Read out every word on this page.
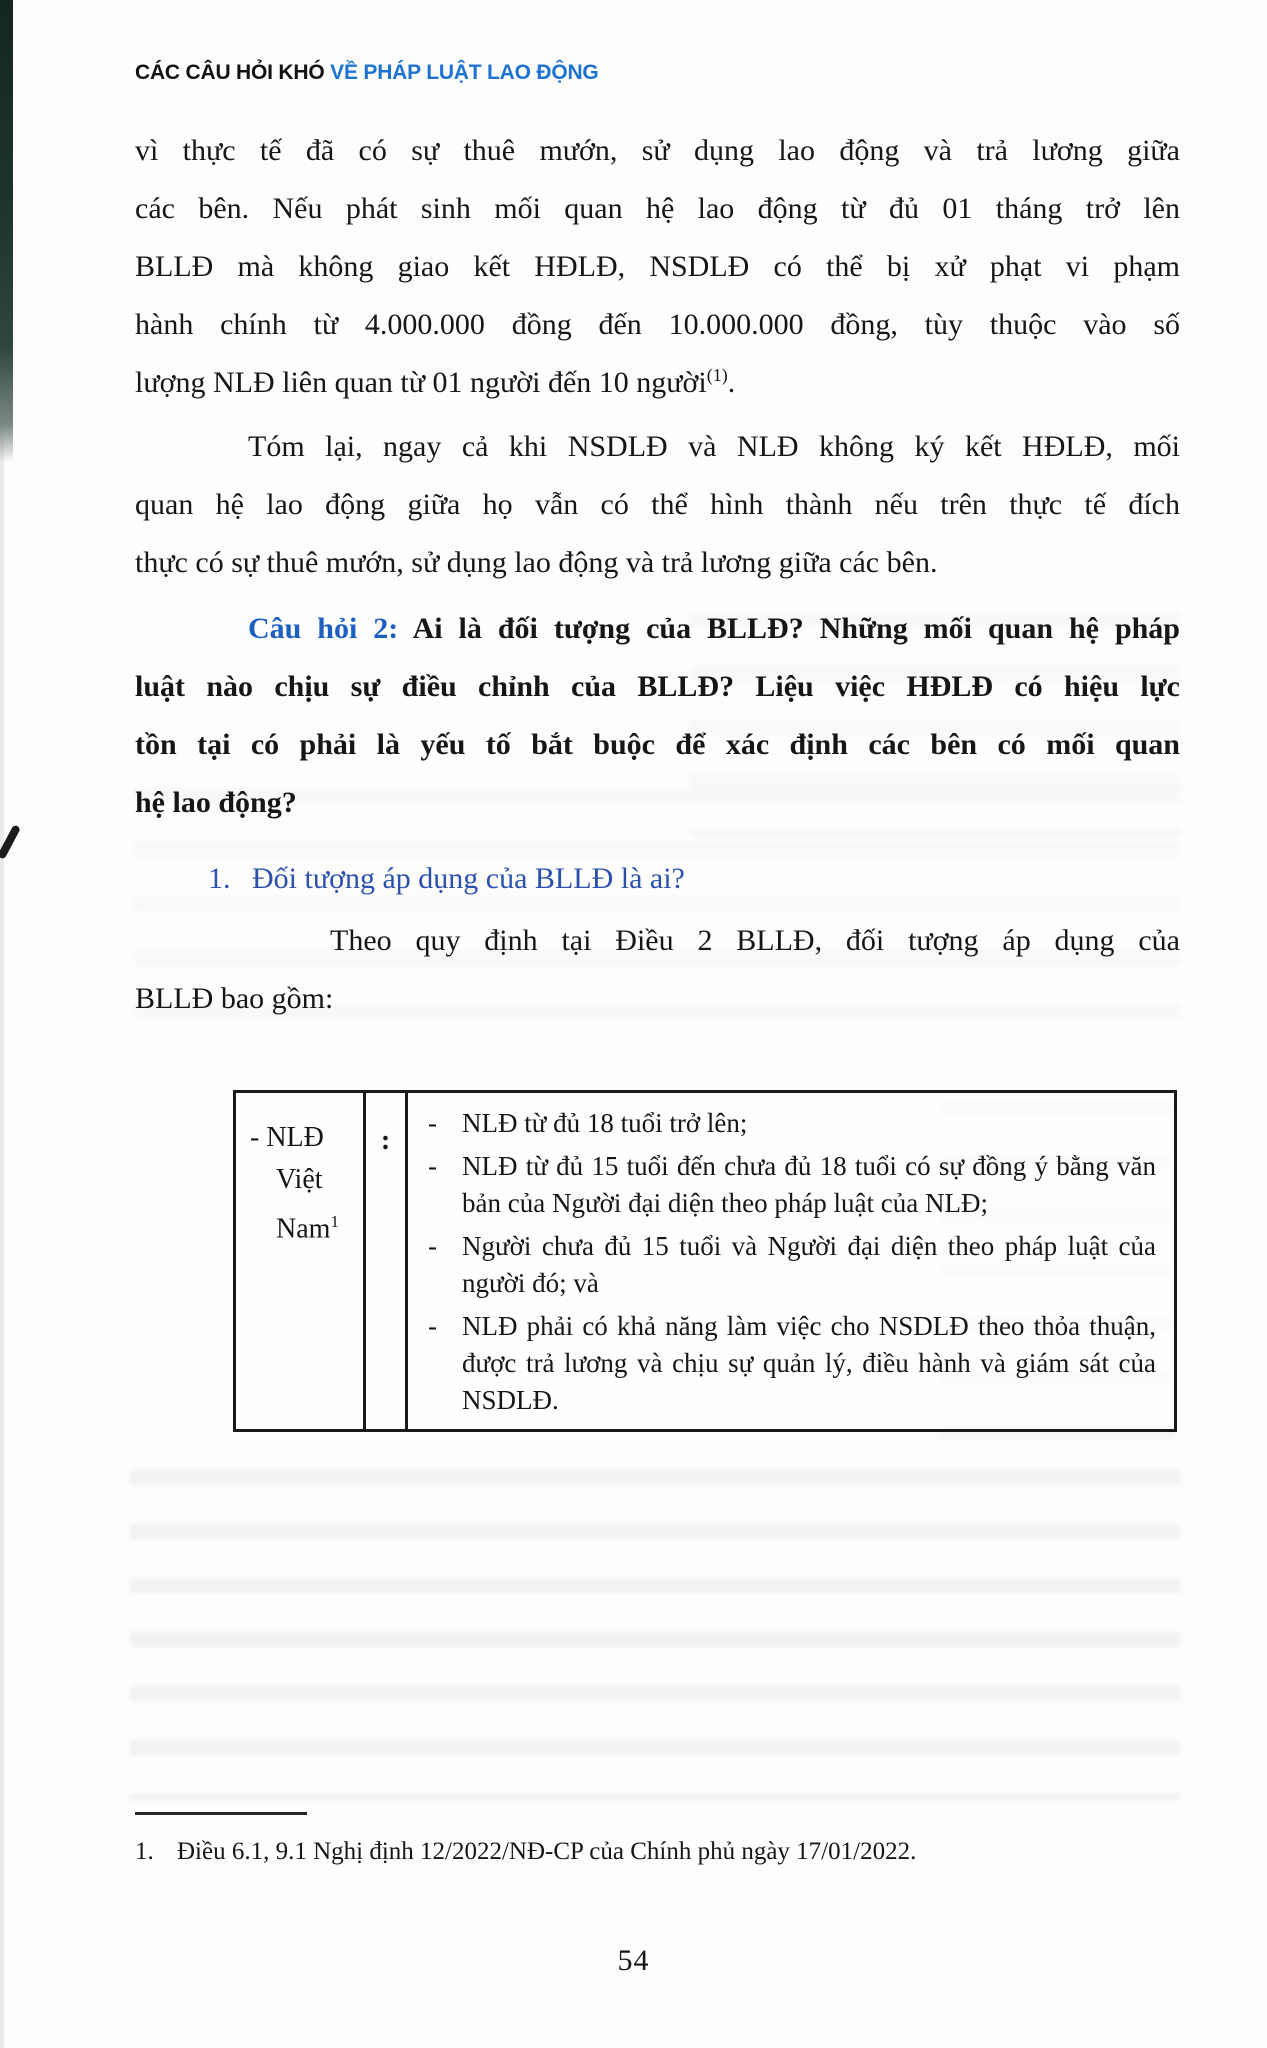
CÁC CÂU HỎI KHÓ VỀ PHÁP LUẬT LAO ĐỘNG
vì thực tế đã có sự thuê mướn, sử dụng lao động và trả lương giữa
các bên. Nếu phát sinh mối quan hệ lao động từ đủ 01 tháng trở lên
BLLĐ mà không giao kết HĐLĐ, NSDLĐ có thể bị xử phạt vi phạm
hành chính từ 4.000.000 đồng đến 10.000.000 đồng, tùy thuộc vào số
lượng NLĐ liên quan từ 01 người đến 10 người$^{(1)}$.
Tóm lại, ngay cả khi NSDLĐ và NLĐ không ký kết HĐLĐ, mối
quan hệ lao động giữa họ vẫn có thể hình thành nếu trên thực tế đích
thực có sự thuê mướn, sử dụng lao động và trả lương giữa các bên.
Câu hỏi 2: Ai là đối tượng của BLLĐ? Những mối quan hệ pháp
luật nào chịu sự điều chỉnh của BLLĐ? Liệu việc HĐLĐ có hiệu lực
tồn tại có phải là yếu tố bắt buộc để xác định các bên có mối quan
hệ lao động?
1. Đối tượng áp dụng của BLLĐ là ai?
Theo quy định tại Điều 2 BLLĐ, đối tượng áp dụng của
BLLĐ bao gồm:
- NLĐ
Việt Nam$^1$
:
- NLĐ từ đủ 18 tuổi trở lên;
- NLĐ từ đủ 15 tuổi đến chưa đủ 18 tuổi có sự đồng ý bằng văn bản của Người đại diện theo pháp luật của NLĐ;
- Người chưa đủ 15 tuổi và Người đại diện theo pháp luật của người đó; và
- NLĐ phải có khả năng làm việc cho NSDLĐ theo thỏa thuận, được trả lương và chịu sự quản lý, điều hành và giám sát của NSDLĐ.
1. Điều 6.1, 9.1 Nghị định 12/2022/NĐ-CP của Chính phủ ngày 17/01/2022.
54
